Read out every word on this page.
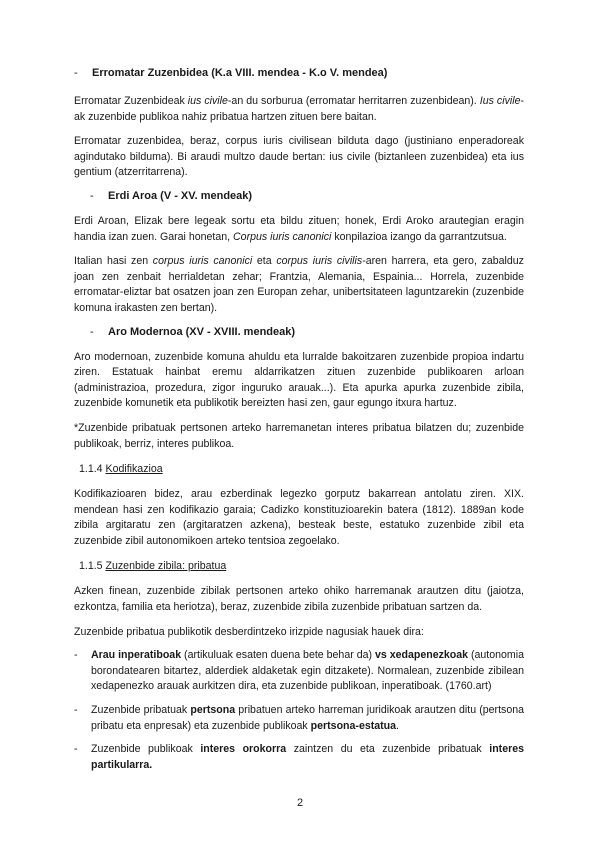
-	Erromatar Zuzenbidea (K.a VIII. mendea - K.o V. mendea)

Erromatar Zuzenbideak ius civile-an du sorburua (erromatar herritarren zuzenbidean). Ius civile-ak zuzenbide publikoa nahiz pribatua hartzen zituen bere baitan.

Erromatar zuzenbidea, beraz, corpus iuris civilisean bilduta dago (justiniano enperadoreak agindutako bilduma). Bi araudi multzo daude bertan: ius civile (biztanleen zuzenbidea) eta ius gentium (atzerritarrena).

-	Erdi Aroa (V - XV. mendeak)

Erdi Aroan, Elizak bere legeak sortu eta bildu zituen; honek, Erdi Aroko arautegian eragin handia izan zuen. Garai honetan, Corpus iuris canonici konpilazioa izango da garrantzutsua.

Italian hasi zen corpus iuris canonici eta corpus iuris civilis-aren harrera, eta gero, zabalduz joan zen zenbait herrialdetan zehar; Frantzia, Alemania, Espainia... Horrela, zuzenbide erromatar-eliztar bat osatzen joan zen Europan zehar, unibertsitateen laguntzarekin (zuzenbide komuna irakasten zen bertan).

-	Aro Modernoa (XV - XVIII. mendeak)

Aro modernoan, zuzenbide komuna ahuldu eta lurralde bakoitzaren zuzenbide propioa indartu ziren. Estatuak hainbat eremu aldarrikatzen zituen zuzenbide publikoaren arloan (administrazioa, prozedura, zigor inguruko arauak...). Eta apurka apurka zuzenbide zibila, zuzenbide komunetik eta publikotik bereizten hasi zen, gaur egungo itxura hartuz.

*Zuzenbide pribatuak pertsonen arteko harremanetan interes pribatua bilatzen du; zuzenbide publikoak, berriz, interes publikoa.

1.1.4 Kodifikazioa

Kodifikazioaren bidez, arau ezberdinak legezko gorputz bakarrean antolatu ziren. XIX. mendean hasi zen kodifikazio garaia; Cadizko konstituzioarekin batera (1812). 1889an kode zibila argitaratu zen (argitaratzen azkena), besteak beste, estatuko zuzenbide zibil eta zuzenbide zibil autonomikoen arteko tentsioa zegoelako.

1.1.5 Zuzenbide zibila: pribatua

Azken finean, zuzenbide zibilak pertsonen arteko ohiko harremanak arautzen ditu (jaiotza, ezkontza, familia eta heriotza), beraz, zuzenbide zibila zuzenbide pribatuan sartzen da.

Zuzenbide pribatua publikotik desberdintzeko irizpide nagusiak hauek dira:

-	Arau inperatiboak (artikuluak esaten duena bete behar da) vs xedapenezkoak (autonomia borondatearen bitartez, alderdiek aldaketak egin ditzakete). Normalean, zuzenbide zibilean xedapenezko arauak aurkitzen dira, eta zuzenbide publikoan, inperatiboak. (1760.art)
-	Zuzenbide pribatuak pertsona pribatuen arteko harreman juridikoak arautzen ditu (pertsona pribatu eta enpresak) eta zuzenbide publikoak pertsona-estatua.
-	Zuzenbide publikoak interes orokorra zaintzen du eta zuzenbide pribatuak interes partikularra.
2
